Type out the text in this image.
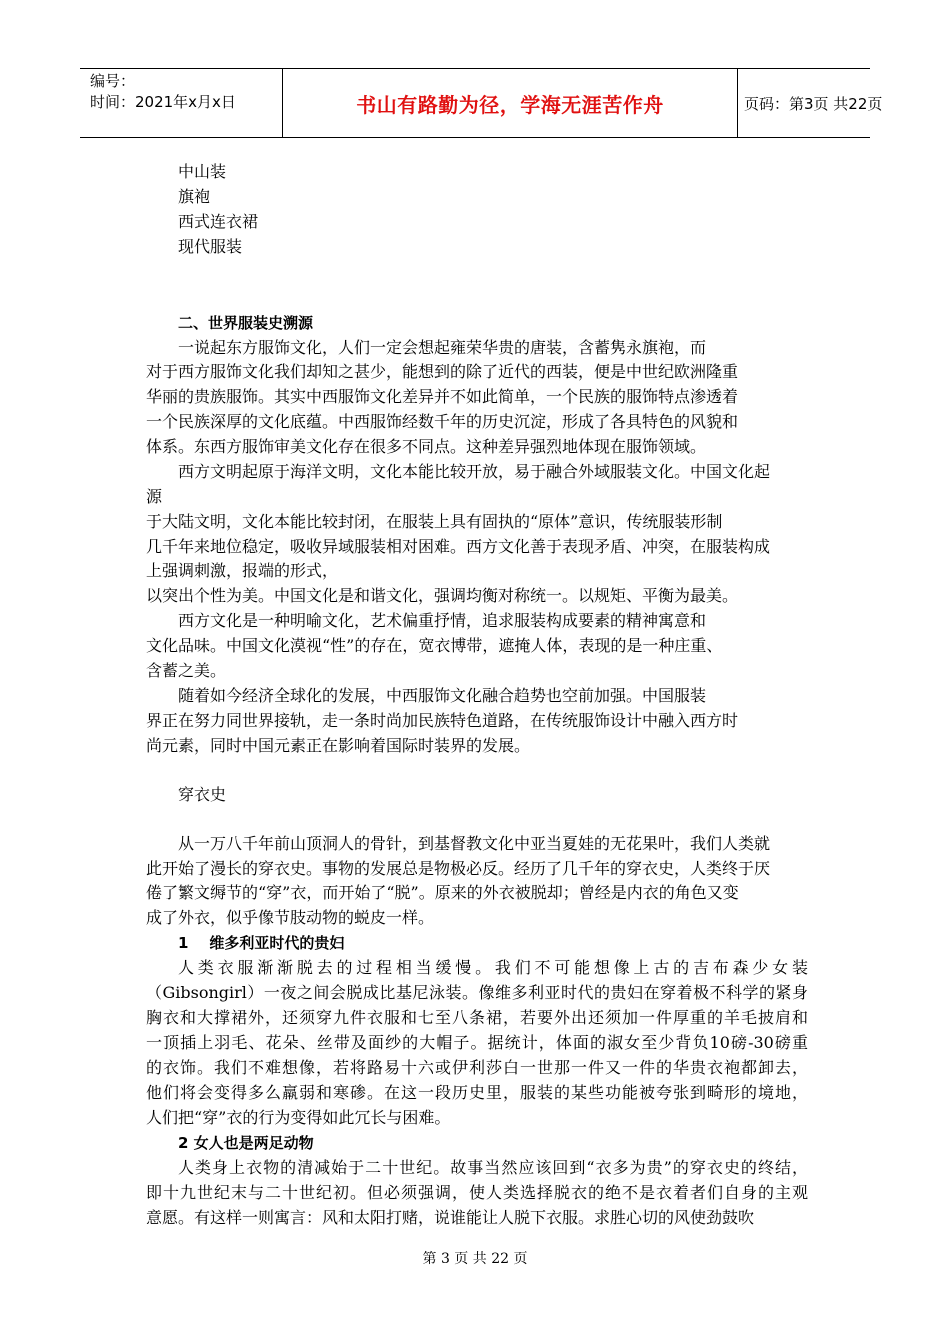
编号：
时间：2021年x月x日	书山有路勤为径，学海无涯苦作舟	页码：第3页 共22页
中山装
旗袍
西式连衣裙
现代服装
二、世界服装史溯源
一说起东方服饰文化，人们一定会想起雍荣华贵的唐装，含蓄隽永旗袍，而
对于西方服饰文化我们却知之甚少，能想到的除了近代的西装，便是中世纪欧洲隆重
华丽的贵族服饰。其实中西服饰文化差异并不如此简单，一个民族的服饰特点渗透着
一个民族深厚的文化底蕴。中西服饰经数千年的历史沉淀，形成了各具特色的风貌和
体系。东西方服饰审美文化存在很多不同点。这种差异强烈地体现在服饰领域。
西方文明起原于海洋文明，文化本能比较开放，易于融合外域服装文化。中国文化起
源
于大陆文明，文化本能比较封闭，在服装上具有固执的“原体”意识，传统服装形制
几千年来地位稳定，吸收异域服装相对困难。西方文化善于表现矛盾、冲突，在服装构成
上强调刺激，报端的形式，
以突出个性为美。中国文化是和谐文化，强调均衡对称统一。以规矩、平衡为最美。
西方文化是一种明喻文化，艺术偏重抒情，追求服装构成要素的精神寓意和
文化品味。中国文化漠视“性”的存在，宽衣博带，遮掩人体，表现的是一种庄重、
含蓄之美。
随着如今经济全球化的发展，中西服饰文化融合趋势也空前加强。中国服装
界正在努力同世界接轨，走一条时尚加民族特色道路，在传统服饰设计中融入西方时
尚元素，同时中国元素正在影响着国际时装界的发展。
穿衣史
从一万八千年前山顶洞人的骨针，到基督教文化中亚当夏娃的无花果叶，我们人类就
此开始了漫长的穿衣史。事物的发展总是物极必反。经历了几千年的穿衣史，人类终于厌
倦了繁文缛节的“穿”衣，而开始了“脱”。原来的外衣被脱却；曾经是内衣的角色又变
成了外衣，似乎像节肢动物的蜕皮一样。
1    维多利亚时代的贵妇
人类衣服渐渐脱去的过程相当缓慢。我们不可能想像上古的吉布森少女装
（Gibsongirl）一夜之间会脱成比基尼泳装。像维多利亚时代的贵妇在穿着极不科学的紧身
胸衣和大撑裙外，还须穿九件衣服和七至八条裙，若要外出还须加一件厚重的羊毛披肩和
一顶插上羽毛、花朵、丝带及面纱的大帽子。据统计，体面的淑女至少背负10磅-30磅重
的衣饰。我们不难想像，若将路易十六或伊利莎白一世那一件又一件的华贵衣袍都卸去，
他们将会变得多么羸弱和寒碜。在这一段历史里，服装的某些功能被夸张到畸形的境地，
人们把“穿”衣的行为变得如此冗长与困难。
2 女人也是两足动物
人类身上衣物的清减始于二十世纪。故事当然应该回到“衣多为贵”的穿衣史的终结，
即十九世纪末与二十世纪初。但必须强调，使人类选择脱衣的绝不是衣着者们自身的主观
意愿。有这样一则寓言：风和太阳打赌，说谁能让人脱下衣服。求胜心切的风使劲鼓吹
第 3 页 共 22 页
